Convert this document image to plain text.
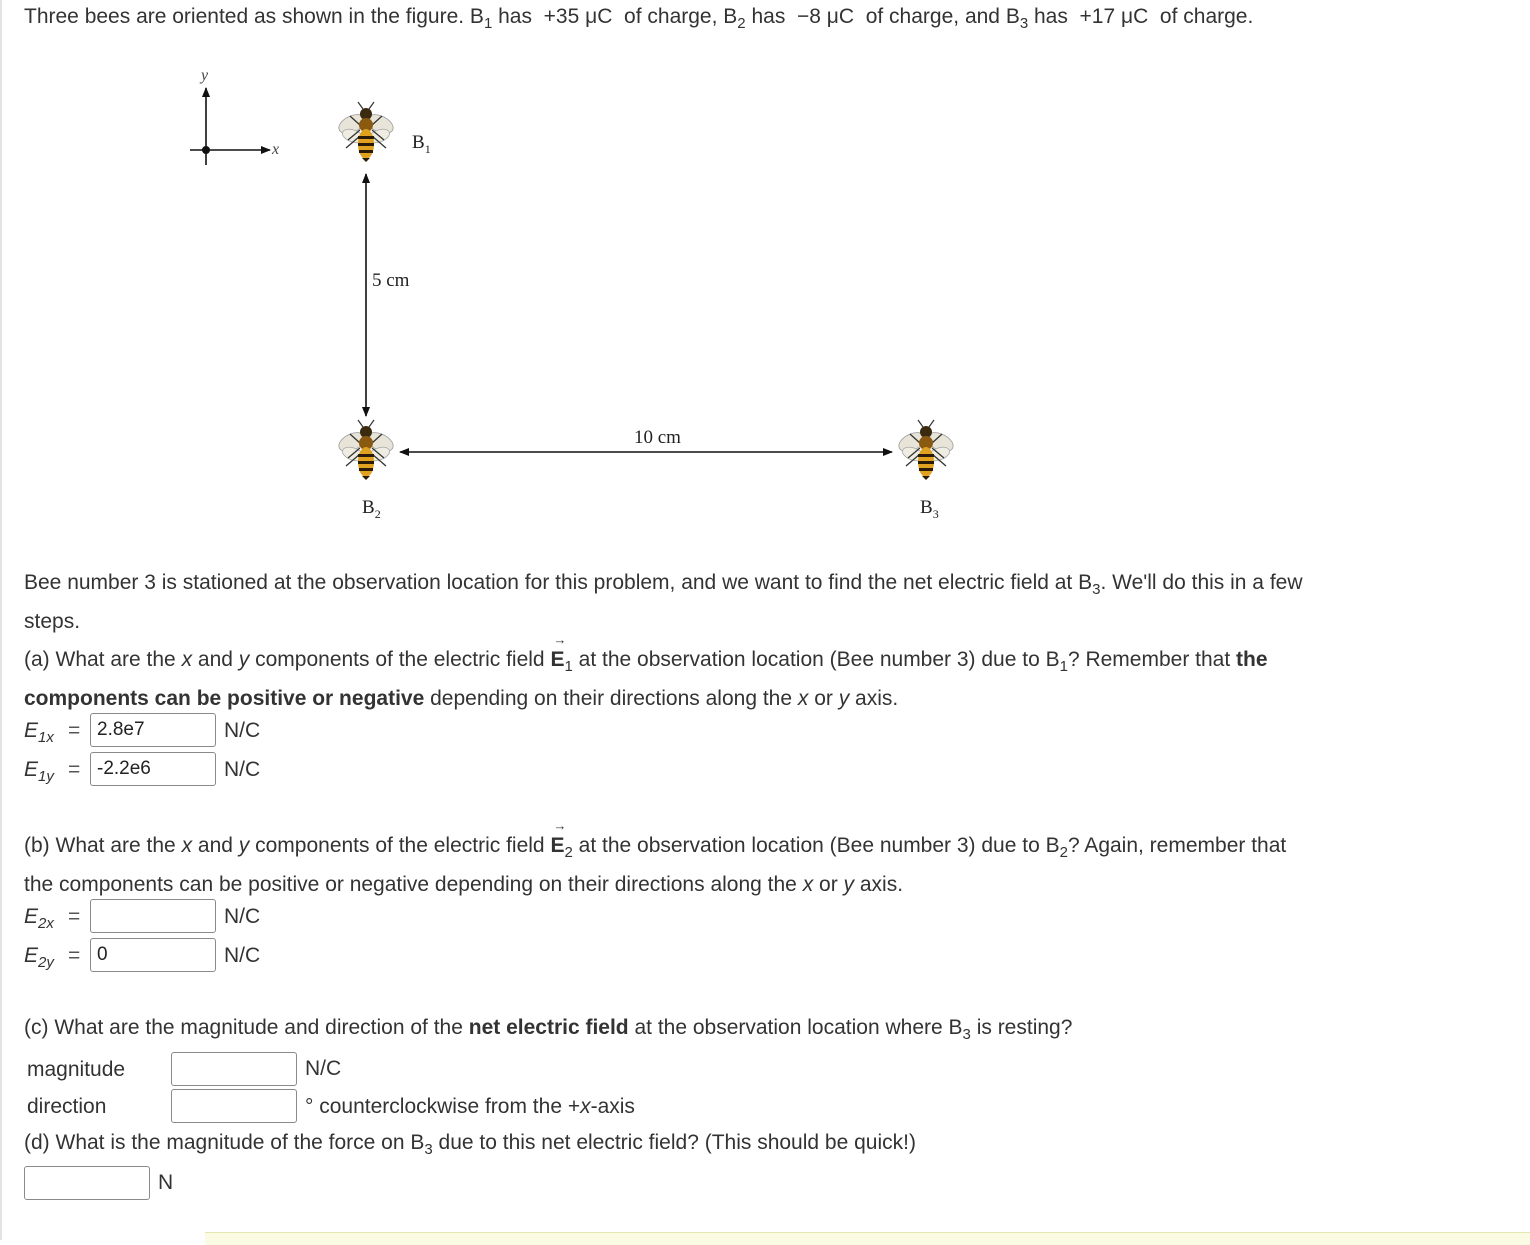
Three bees are oriented as shown in the figure. $B_1$ has  +35 μC  of charge, $B_2$ has  −8 μC  of charge, and $B_3$ has  +17 μC  of charge.
y
x	$B_1$
5 cm
$B_2$
10 cm
$B_3$
Bee number 3 is stationed at the observation location for this problem, and we want to find the net electric field at $B_3$. We'll do this in a few
steps.
(a) What are the x and y components of the electric field → $E_1$ at the observation location (Bee number 3) due to $B_1$? Remember that the
components can be positive or negative depending on their directions along the x or y axis.
$E_{1x}$ =
2.8e7	N/C
$E_{1y}$ =
-2.2e6	N/C
(b) What are the x and y components of the electric field → $E_2$ at the observation location (Bee number 3) due to $B_2$? Again, remember that
the components can be positive or negative depending on their directions along the x or y axis.
$E_{2x}$ =	N/C
$E_{2y}$ =
0	N/C
(c) What are the magnitude and direction of the net electric field at the observation location where $B_3$ is resting?
magnitude	N/C
direction	° counterclockwise from the +x-axis
(d) What is the magnitude of the force on $B_3$ due to this net electric field? (This should be quick!)
N
